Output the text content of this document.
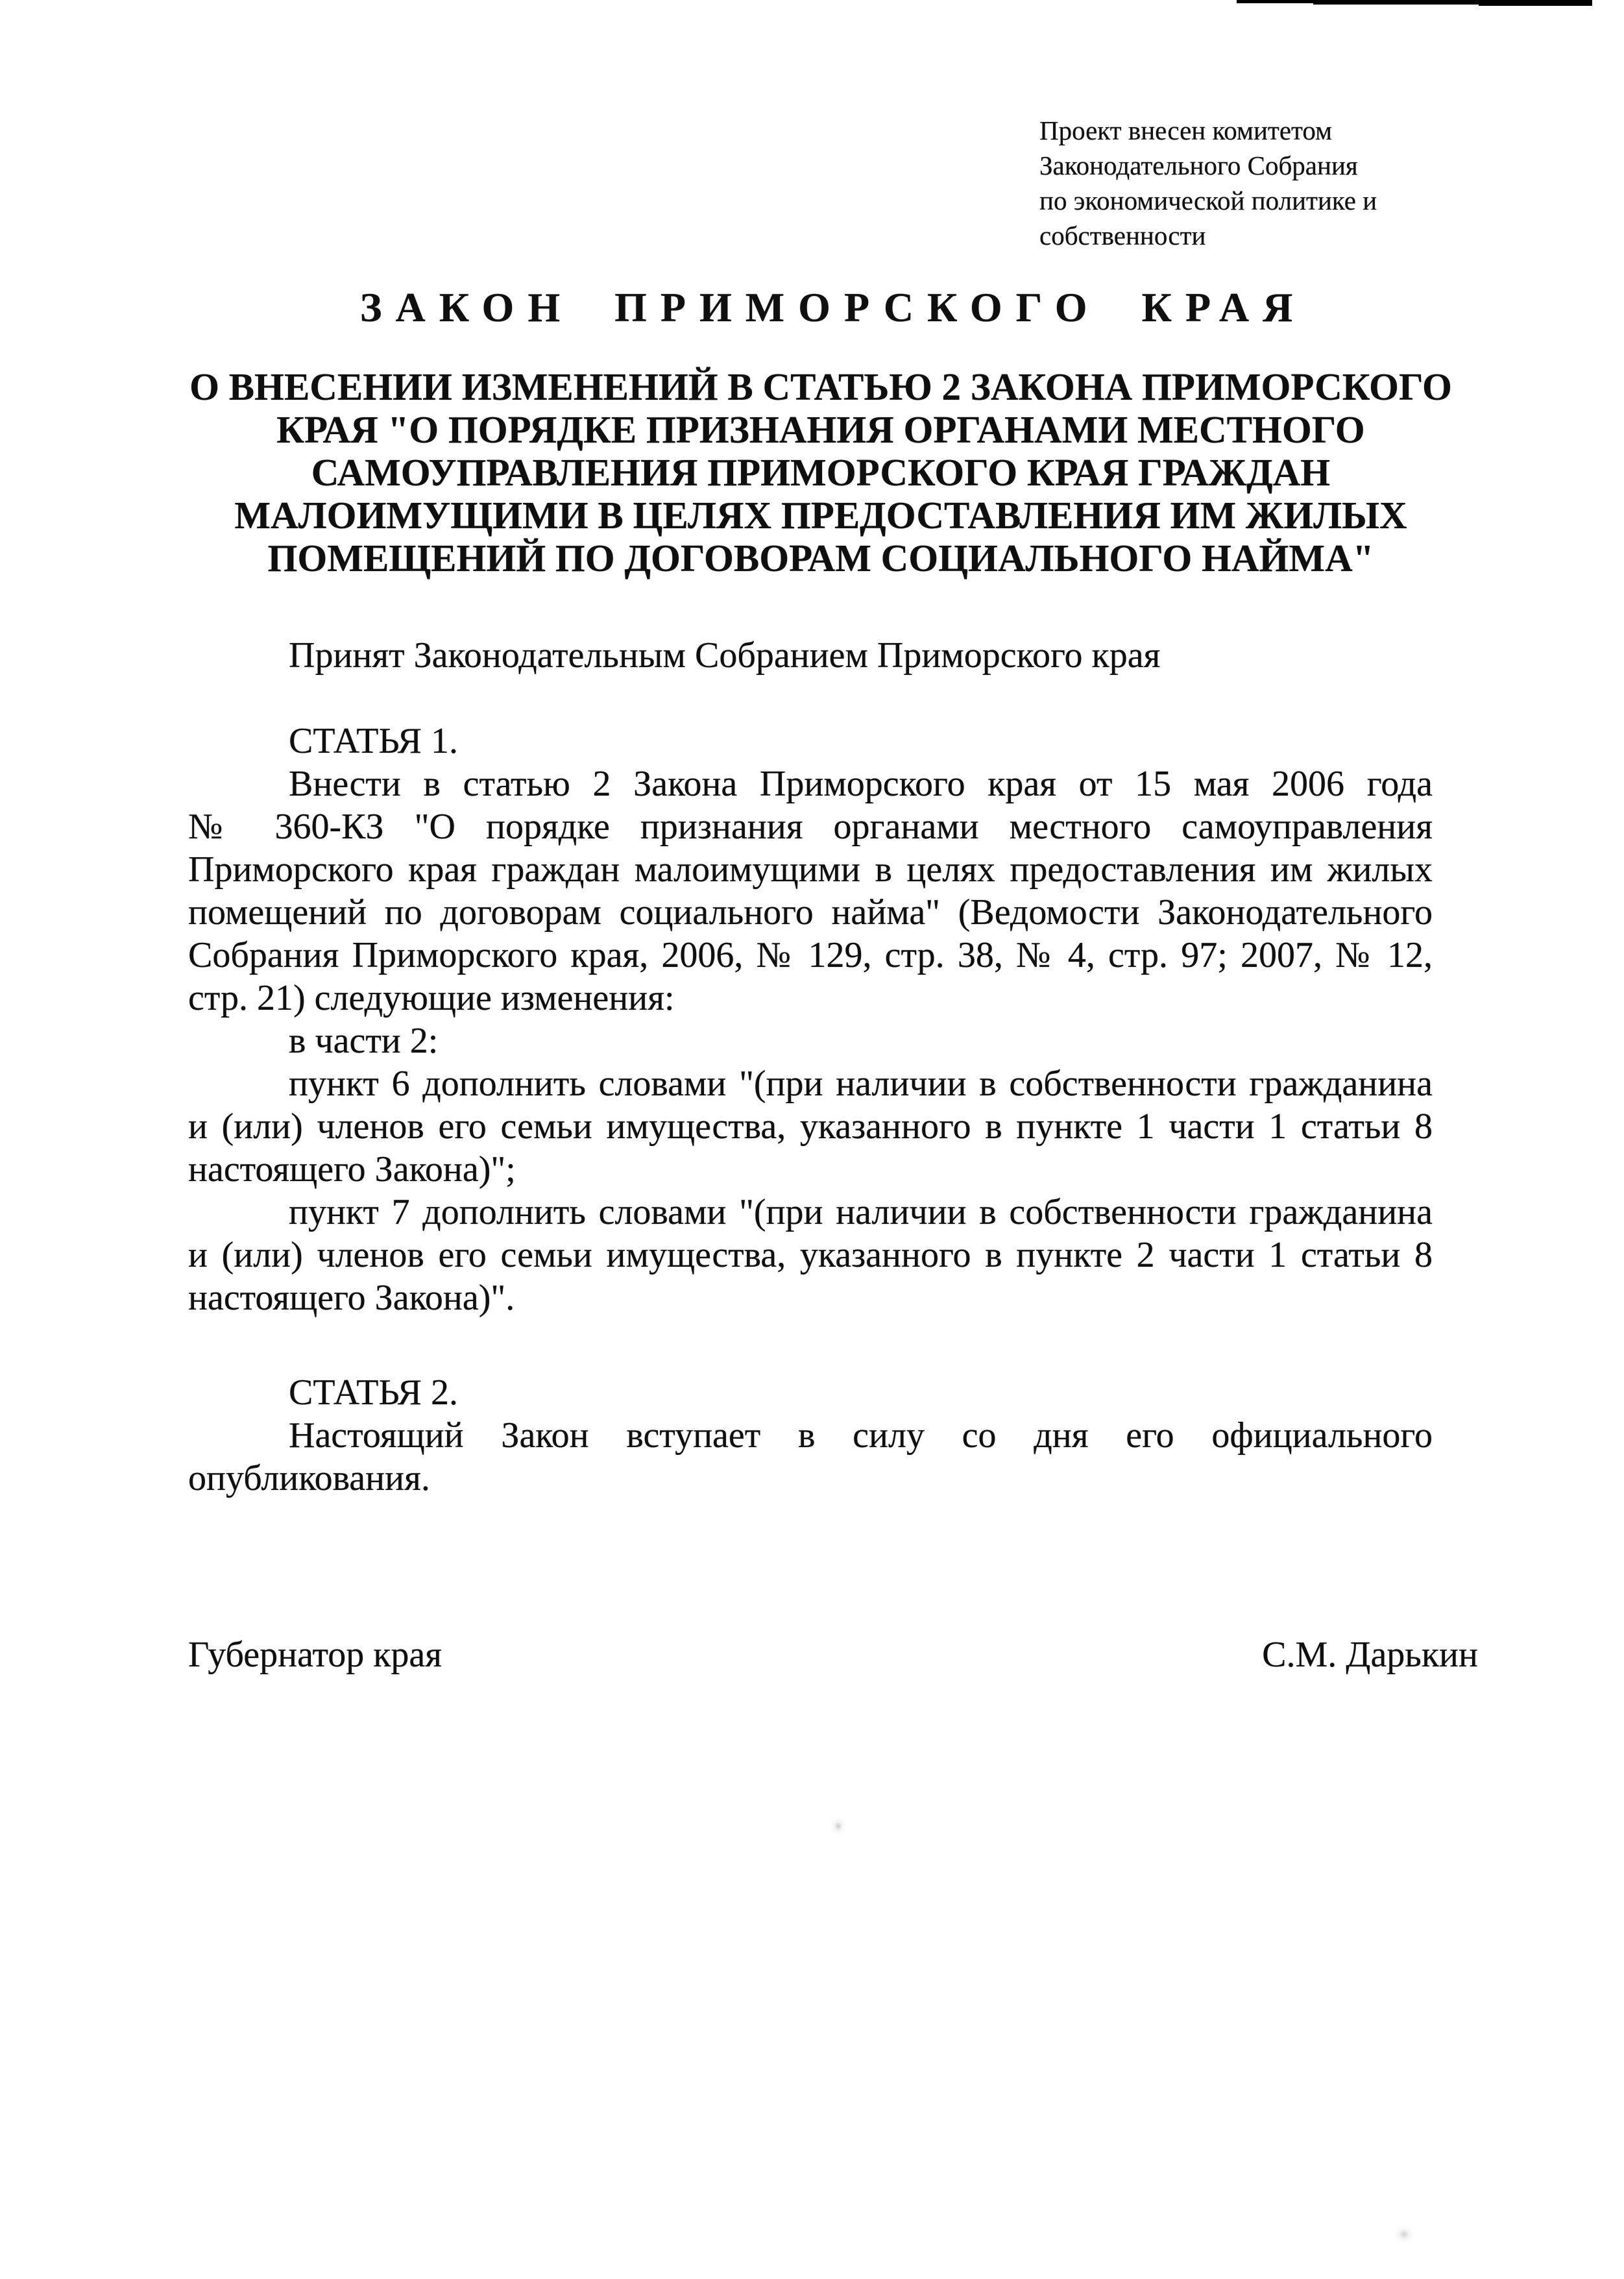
Проект внесен комитетом
Законодательного Собрания
по экономической политике и
собственности
ЗАКОН ПРИМОРСКОГО КРАЯ
О ВНЕСЕНИИ ИЗМЕНЕНИЙ В СТАТЬЮ 2 ЗАКОНА ПРИМОРСКОГО
КРАЯ "О ПОРЯДКЕ ПРИЗНАНИЯ ОРГАНАМИ МЕСТНОГО
САМОУПРАВЛЕНИЯ ПРИМОРСКОГО КРАЯ ГРАЖДАН
МАЛОИМУЩИМИ В ЦЕЛЯХ ПРЕДОСТАВЛЕНИЯ ИМ ЖИЛЫХ
ПОМЕЩЕНИЙ ПО ДОГОВОРАМ СОЦИАЛЬНОГО НАЙМА"
Принят Законодательным Собранием Приморского края
СТАТЬЯ 1.
Внести в статью 2 Закона Приморского края от 15 мая 2006 года
№ 360-КЗ "О порядке признания органами местного самоуправления
Приморского края граждан малоимущими в целях предоставления им жилых
помещений по договорам социального найма" (Ведомости Законодательного
Собрания Приморского края, 2006, № 129, стр. 38, № 4, стр. 97; 2007, № 12,
стр. 21) следующие изменения:
в части 2:
пункт 6 дополнить словами "(при наличии в собственности гражданина
и (или) членов его семьи имущества, указанного в пункте 1 части 1 статьи 8
настоящего Закона)";
пункт 7 дополнить словами "(при наличии в собственности гражданина
и (или) членов его семьи имущества, указанного в пункте 2 части 1 статьи 8
настоящего Закона)".
СТАТЬЯ 2.
Настоящий Закон вступает в силу со дня его официального
опубликования.
Губернатор края	С.М. Дарькин
